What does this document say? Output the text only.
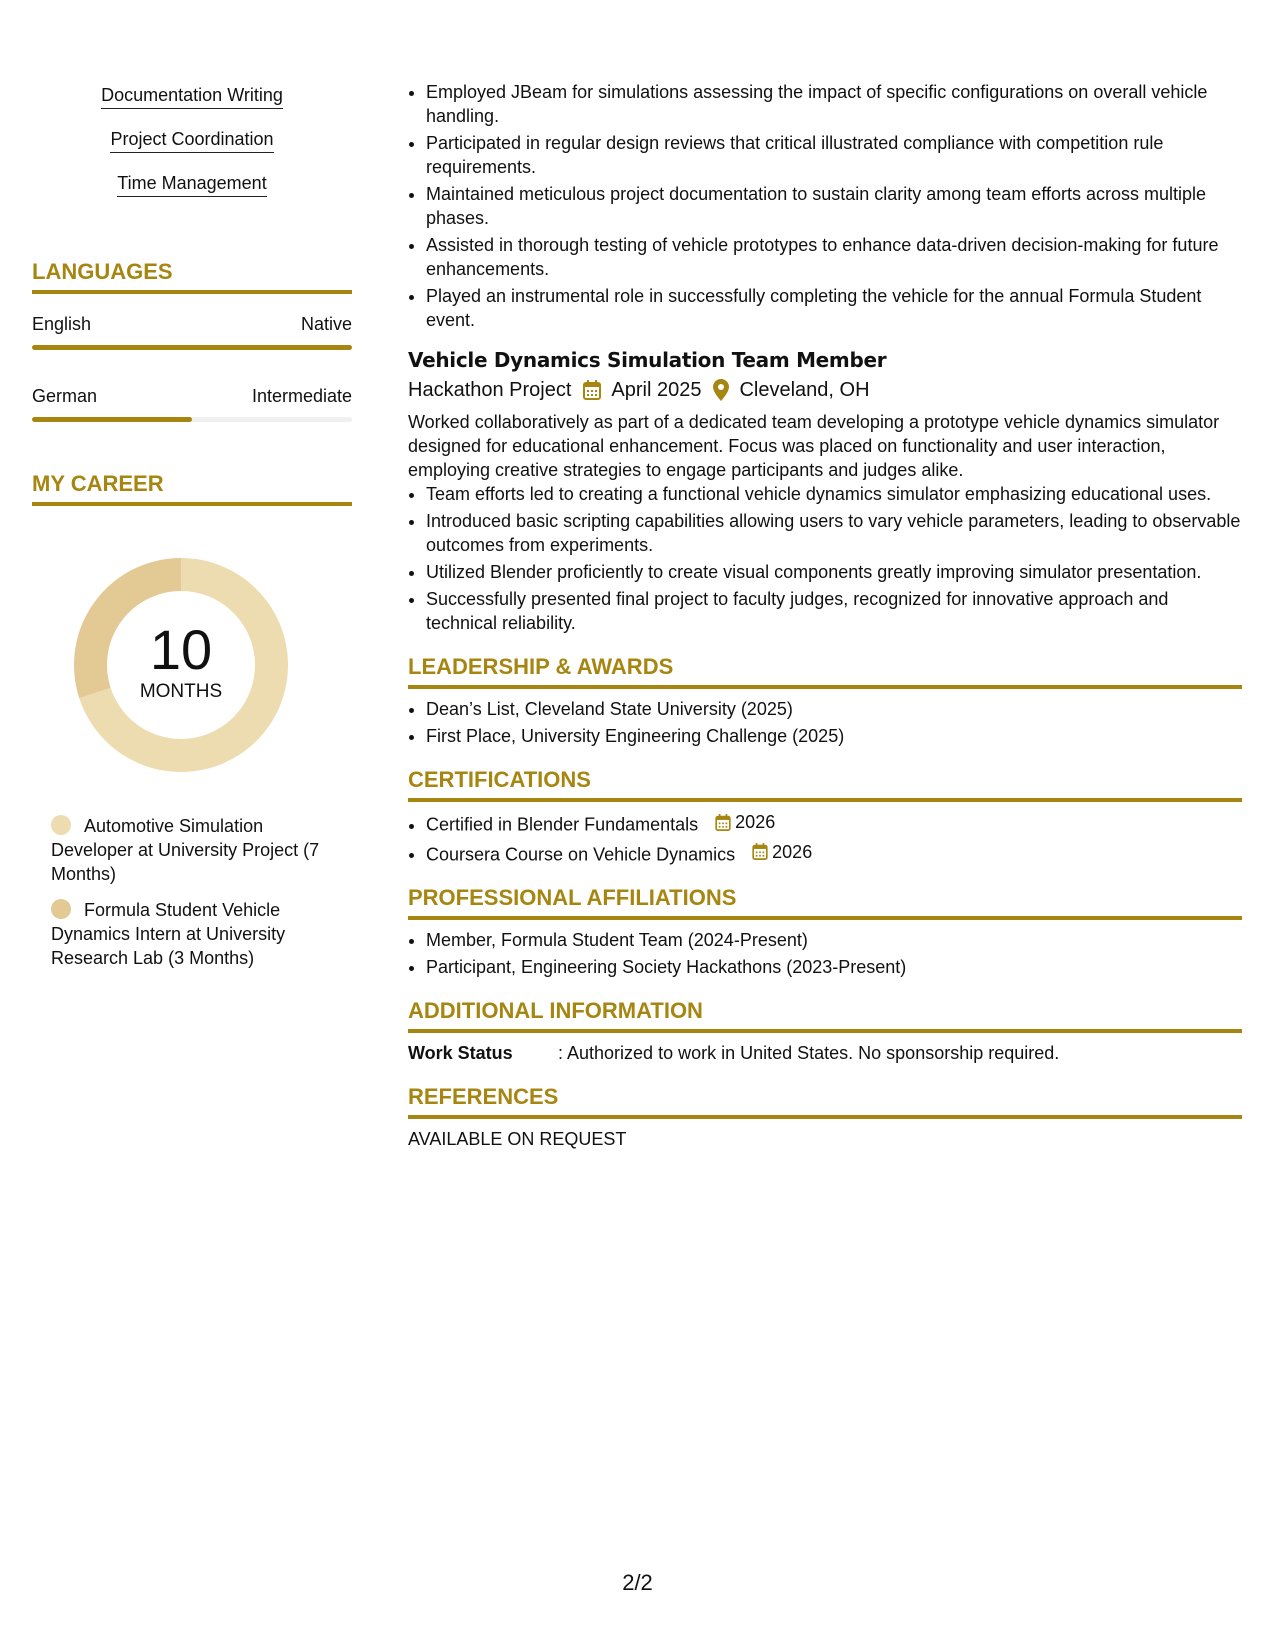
Documentation Writing
Project Coordination
Time Management
LANGUAGES
English	Native
German	Intermediate
MY CAREER
10
MONTHS
Automotive Simulation Developer at University Project (7 Months)
Formula Student Vehicle Dynamics Intern at University Research Lab (3 Months)
• Employed JBeam for simulations assessing the impact of specific configurations on overall vehicle handling.
• Participated in regular design reviews that critical illustrated compliance with competition rule requirements.
• Maintained meticulous project documentation to sustain clarity among team efforts across multiple phases.
• Assisted in thorough testing of vehicle prototypes to enhance data-driven decision-making for future enhancements.
• Played an instrumental role in successfully completing the vehicle for the annual Formula Student event.
Vehicle Dynamics Simulation Team Member
Hackathon Project April 2025 Cleveland, OH
Worked collaboratively as part of a dedicated team developing a prototype vehicle dynamics simulator designed for educational enhancement. Focus was placed on functionality and user interaction, employing creative strategies to engage participants and judges alike.
• Team efforts led to creating a functional vehicle dynamics simulator emphasizing educational uses.
• Introduced basic scripting capabilities allowing users to vary vehicle parameters, leading to observable outcomes from experiments.
• Utilized Blender proficiently to create visual components greatly improving simulator presentation.
• Successfully presented final project to faculty judges, recognized for innovative approach and technical reliability.
LEADERSHIP & AWARDS
• Dean’s List, Cleveland State University (2025)
• First Place, University Engineering Challenge (2025)
CERTIFICATIONS
• Certified in Blender Fundamentals 2026
• Coursera Course on Vehicle Dynamics 2026
PROFESSIONAL AFFILIATIONS
• Member, Formula Student Team (2024-Present)
• Participant, Engineering Society Hackathons (2023-Present)
ADDITIONAL INFORMATION
Work Status	: Authorized to work in United States. No sponsorship required.
REFERENCES
AVAILABLE ON REQUEST
2/2
